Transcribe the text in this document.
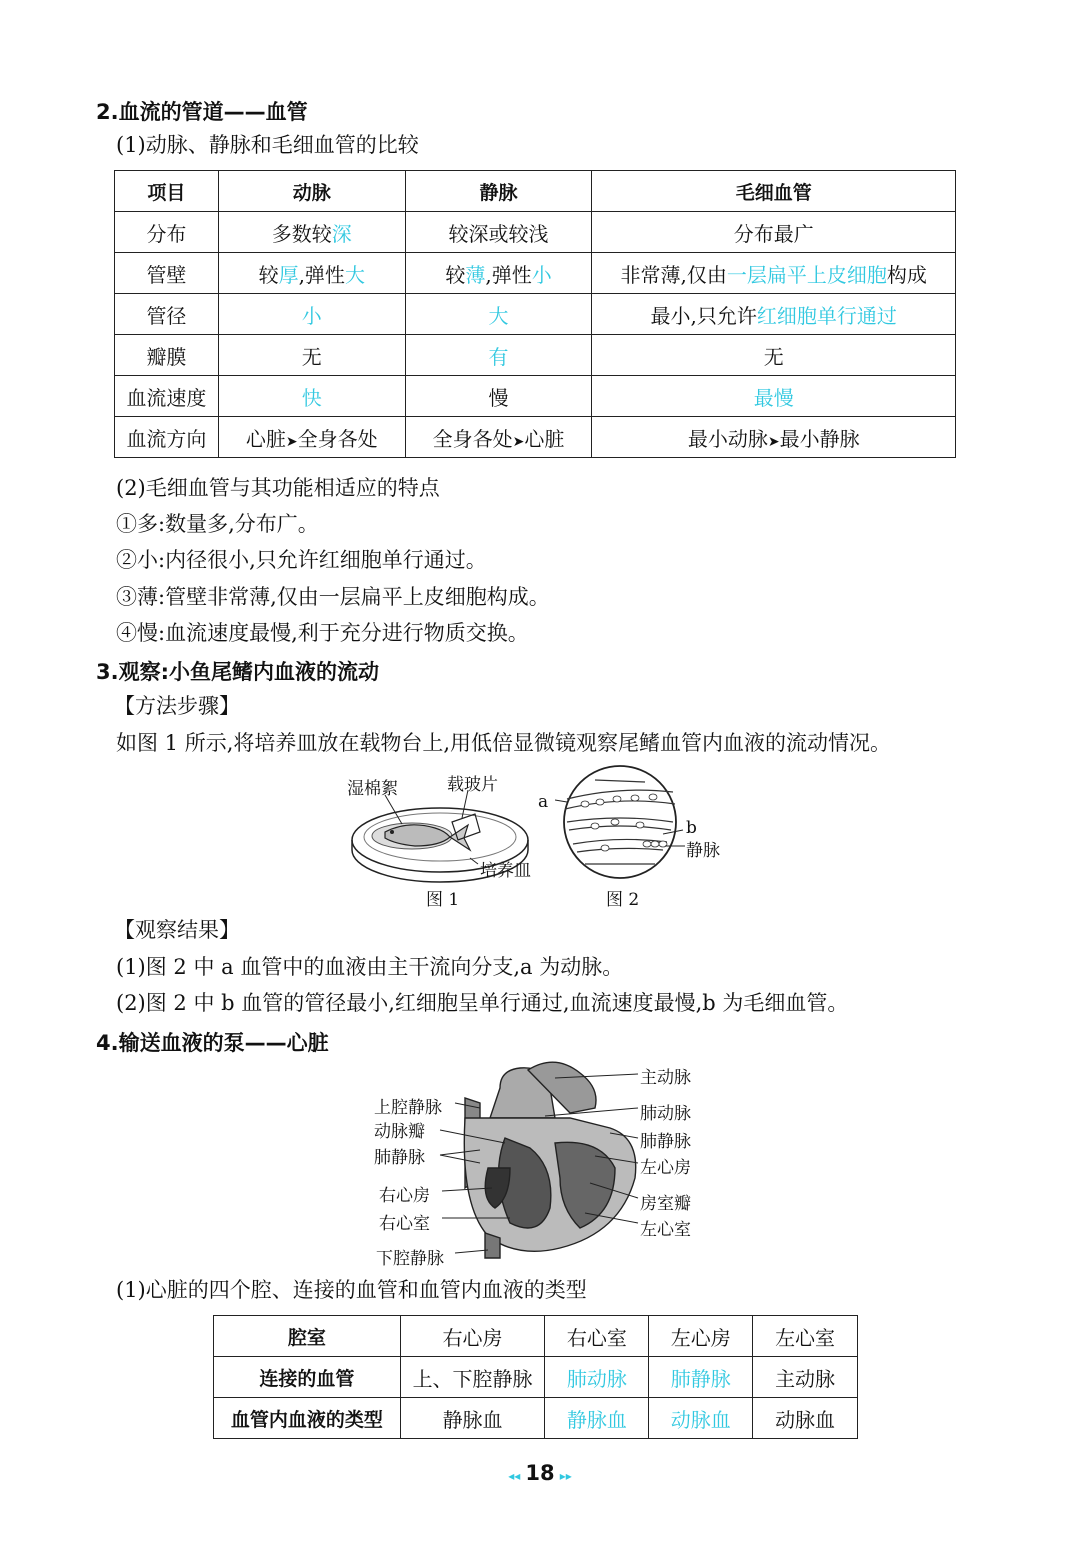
2.血流的管道——血管
(1)动脉、静脉和毛细血管的比较
项目	动脉	静脉	毛细血管
分布	多数较深	较深或较浅	分布最广
管壁	较厚,弹性大	较薄,弹性小	非常薄,仅由一层扁平上皮细胞构成
管径	小	大	最小,只允许红细胞单行通过
瓣膜	无	有	无
血流速度	快	慢	最慢
血流方向	心脏➤全身各处	全身各处➤心脏	最小动脉➤最小静脉
(2)毛细血管与其功能相适应的特点
①多:数量多,分布广。
②小:内径很小,只允许红细胞单行通过。
③薄:管壁非常薄,仅由一层扁平上皮细胞构成。
④慢:血流速度最慢,利于充分进行物质交换。
3.观察:小鱼尾鳍内血液的流动
【方法步骤】
如图 1 所示,将培养皿放在载物台上,用低倍显微镜观察尾鳍血管内血液的流动情况。
湿棉絮	载玻片
培养皿
图 1
a
b
静脉
图 2
【观察结果】
(1)图 2 中 a 血管中的血液由主干流向分支,a 为动脉。
(2)图 2 中 b 血管的管径最小,红细胞呈单行通过,血流速度最慢,b 为毛细血管。
4.输送血液的泵——心脏
上腔静脉
动脉瓣
肺静脉
右心房
右心室
下腔静脉
主动脉
肺动脉
肺静脉
左心房
房室瓣
左心室
(1)心脏的四个腔、连接的血管和血管内血液的类型
腔室	右心房	右心室	左心房	左心室
连接的血管	上、下腔静脉	肺动脉	肺静脉	主动脉
血管内血液的类型	静脉血	静脉血	动脉血	动脉血
◂◂ 18 ▸▸
